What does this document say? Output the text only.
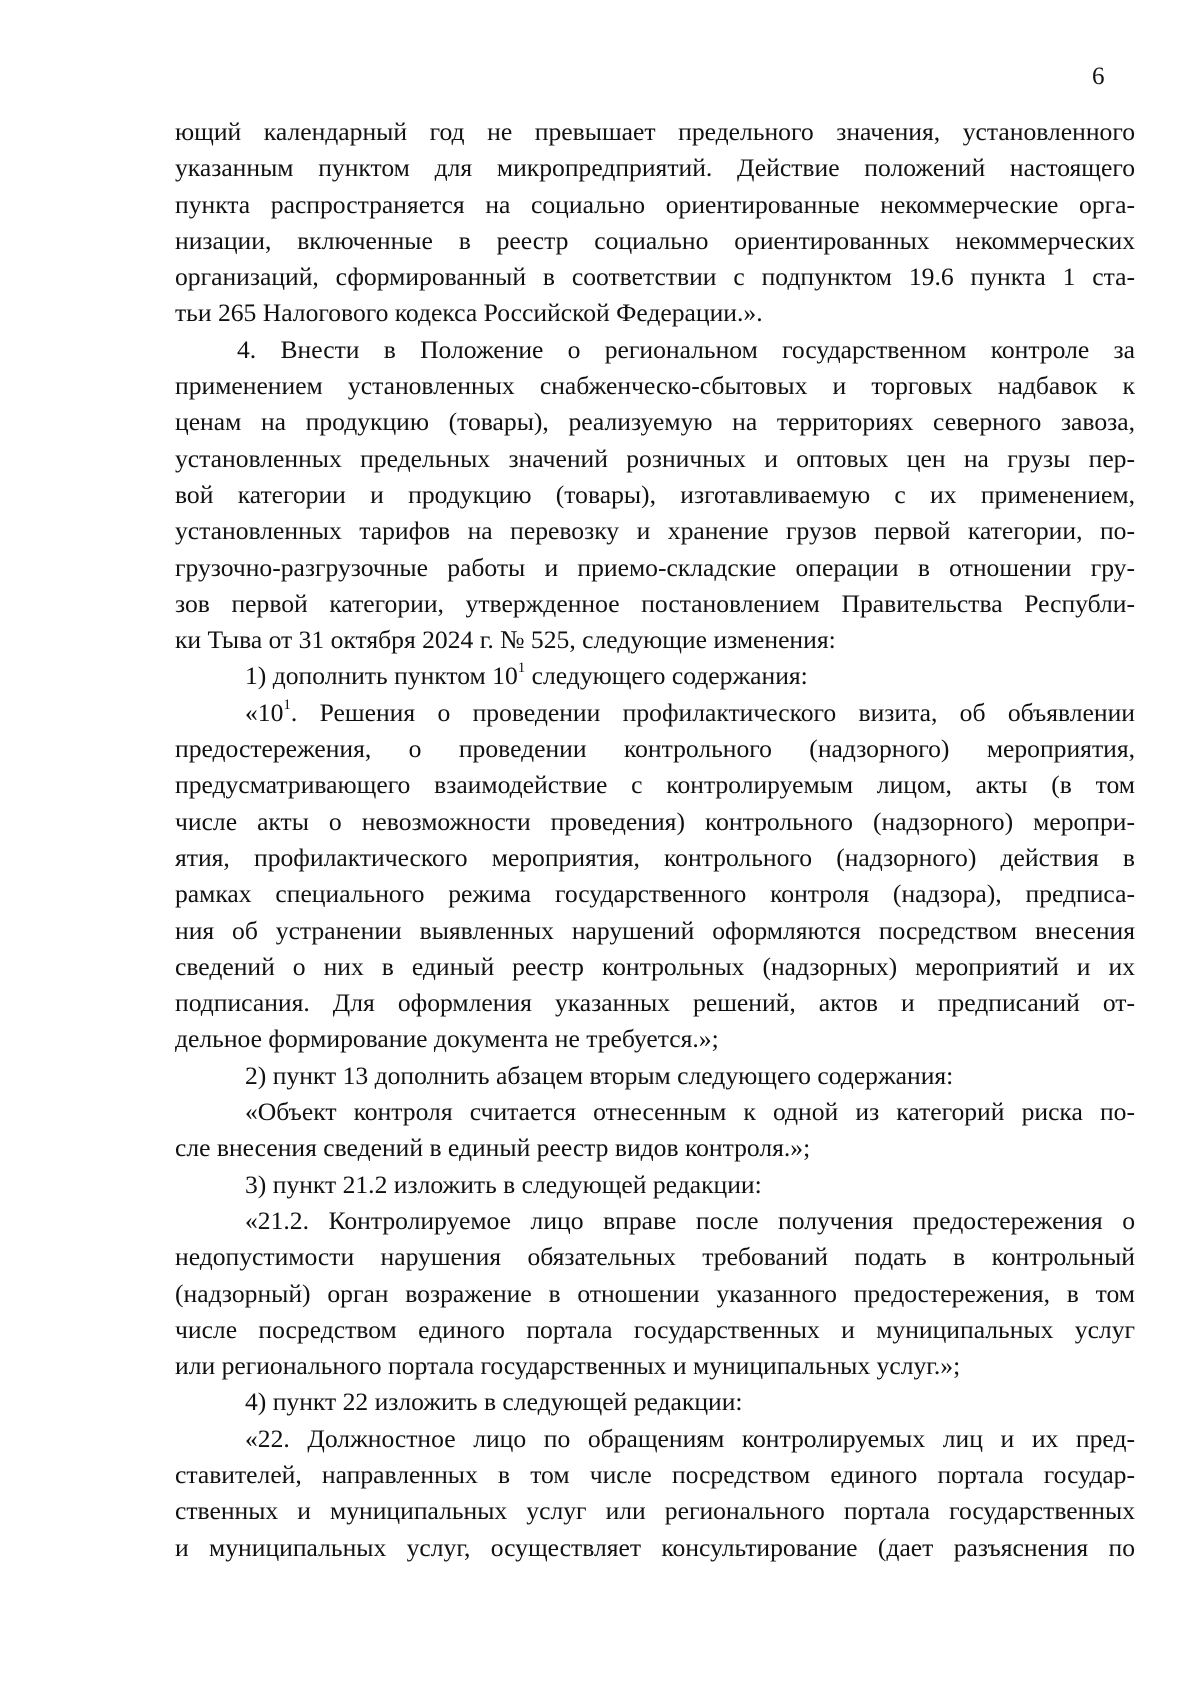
6
ющий календарный год не превышает предельного значения, установленного
указанным пунктом для микропредприятий. Действие положений настоящего
пункта распространяется на социально ориентированные некоммерческие орга-
низации, включенные в реестр социально ориентированных некоммерческих
организаций, сформированный в соответствии с подпунктом 19.6 пункта 1 ста-
тьи 265 Налогового кодекса Российской Федерации.».
4. Внести в Положение о региональном государственном контроле за
применением установленных снабженческо-сбытовых и торговых надбавок к
ценам на продукцию (товары), реализуемую на территориях северного завоза,
установленных предельных значений розничных и оптовых цен на грузы пер-
вой категории и продукцию (товары), изготавливаемую с их применением,
установленных тарифов на перевозку и хранение грузов первой категории, по-
грузочно-разгрузочные работы и приемо-складские операции в отношении гру-
зов первой категории, утвержденное постановлением Правительства Республи-
ки Тыва от 31 октября 2024 г. № 525, следующие изменения:
1) дополнить пунктом $10^1$ следующего содержания:
«$10^1$. Решения о проведении профилактического визита, об объявлении
предостережения, о проведении контрольного (надзорного) мероприятия,
предусматривающего взаимодействие с контролируемым лицом, акты (в том
числе акты о невозможности проведения) контрольного (надзорного) меропри-
ятия, профилактического мероприятия, контрольного (надзорного) действия в
рамках специального режима государственного контроля (надзора), предписа-
ния об устранении выявленных нарушений оформляются посредством внесения
сведений о них в единый реестр контрольных (надзорных) мероприятий и их
подписания. Для оформления указанных решений, актов и предписаний от-
дельное формирование документа не требуется.»;
2) пункт 13 дополнить абзацем вторым следующего содержания:
«Объект контроля считается отнесенным к одной из категорий риска по-
сле внесения сведений в единый реестр видов контроля.»;
3) пункт 21.2 изложить в следующей редакции:
«21.2. Контролируемое лицо вправе после получения предостережения о
недопустимости нарушения обязательных требований подать в контрольный
(надзорный) орган возражение в отношении указанного предостережения, в том
числе посредством единого портала государственных и муниципальных услуг
или регионального портала государственных и муниципальных услуг.»;
4) пункт 22 изложить в следующей редакции:
«22. Должностное лицо по обращениям контролируемых лиц и их пред-
ставителей, направленных в том числе посредством единого портала государ-
ственных и муниципальных услуг или регионального портала государственных
и муниципальных услуг, осуществляет консультирование (дает разъяснения по
